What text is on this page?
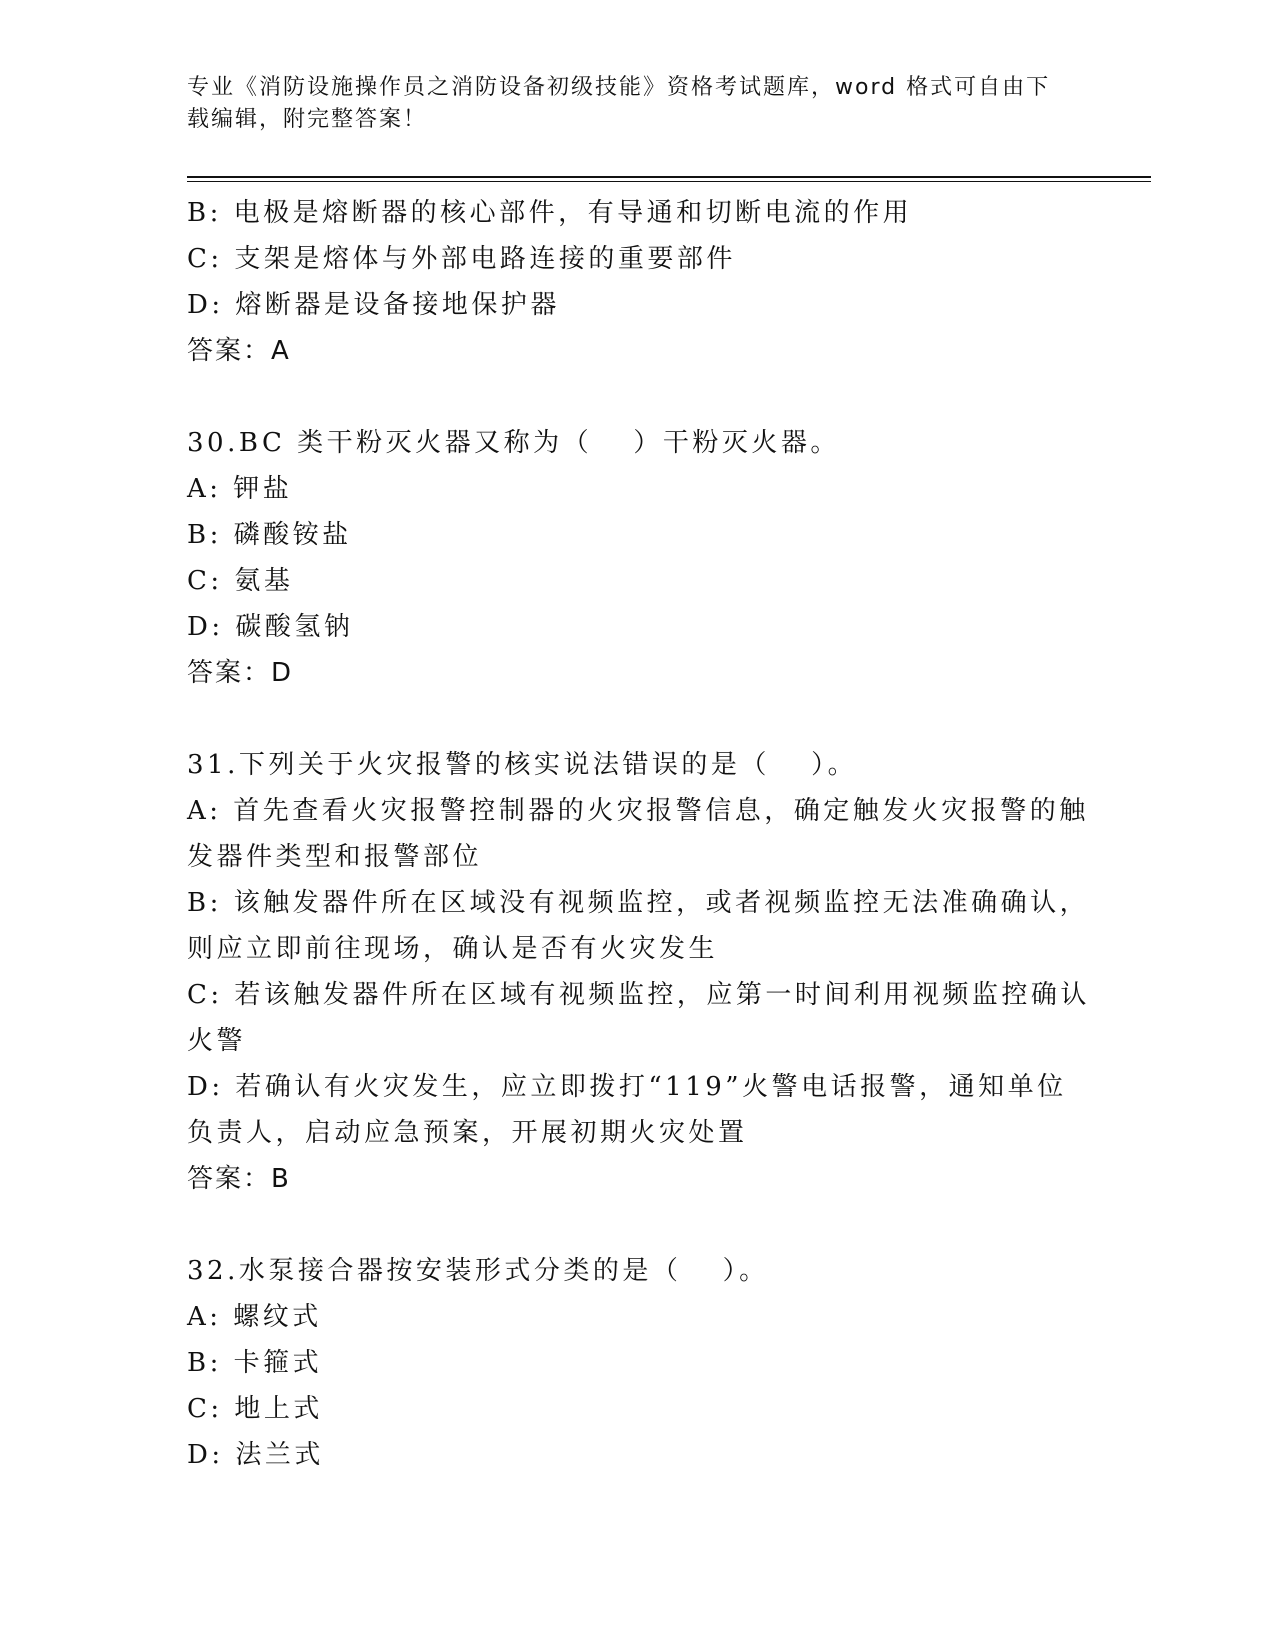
专业《消防设施操作员之消防设备初级技能》资格考试题库，word 格式可自由下
载编辑，附完整答案！
B: 电极是熔断器的核心部件，有导通和切断电流的作用
C: 支架是熔体与外部电路连接的重要部件
D: 熔断器是设备接地保护器
答案：A
30.BC 类干粉灭火器又称为（　 ）干粉灭火器。
A: 钾盐
B: 磷酸铵盐
C: 氨基
D: 碳酸氢钠
答案：D
31.下列关于火灾报警的核实说法错误的是（　 ）。
A: 首先查看火灾报警控制器的火灾报警信息，确定触发火灾报警的触
发器件类型和报警部位
B: 该触发器件所在区域没有视频监控，或者视频监控无法准确确认，
则应立即前往现场，确认是否有火灾发生
C: 若该触发器件所在区域有视频监控，应第一时间利用视频监控确认
火警
D: 若确认有火灾发生，应立即拨打“119”火警电话报警，通知单位
负责人，启动应急预案，开展初期火灾处置
答案：B
32.水泵接合器按安装形式分类的是（　 ）。
A: 螺纹式
B: 卡箍式
C: 地上式
D: 法兰式
